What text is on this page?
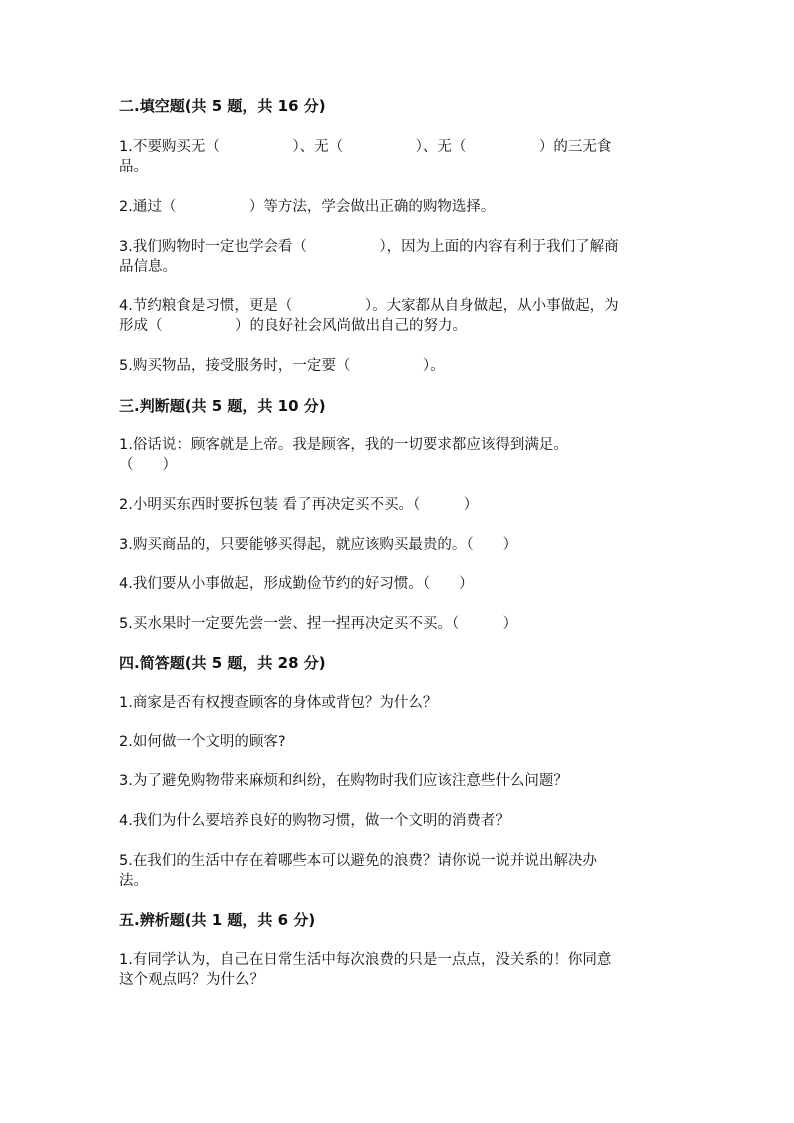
二.填空题(共 5 题，共 16 分)
1.不要购买无（　　　　　）、无（　　　　　）、无（　　　　　）的三无食
品。
2.通过（　　　　　）等方法，学会做出正确的购物选择。
3.我们购物时一定也学会看（　　　　　），因为上面的内容有利于我们了解商
品信息。
4.节约粮食是习惯，更是（　　　　　）。大家都从自身做起，从小事做起，为
形成（　　　　　）的良好社会风尚做出自己的努力。
5.购买物品，接受服务时，一定要（　　　　　）。
三.判断题(共 5 题，共 10 分)
1.俗话说：顾客就是上帝。我是顾客，我的一切要求都应该得到满足。
（　　）
2.小明买东西时要拆包装 看了再决定买不买。（　　　）
3.购买商品的，只要能够买得起，就应该购买最贵的。（　　）
4.我们要从小事做起，形成勤俭节约的好习惯。（　　）
5.买水果时一定要先尝一尝、捏一捏再决定买不买。（　　　）
四.简答题(共 5 题，共 28 分)
1.商家是否有权搜查顾客的身体或背包？为什么？
2.如何做一个文明的顾客?
3.为了避免购物带来麻烦和纠纷，在购物时我们应该注意些什么问题？
4.我们为什么要培养良好的购物习惯，做一个文明的消费者？
5.在我们的生活中存在着哪些本可以避免的浪费？请你说一说并说出解决办
法。
五.辨析题(共 1 题，共 6 分)
1.有同学认为，自己在日常生活中每次浪费的只是一点点，没关系的！你同意
这个观点吗？为什么？
